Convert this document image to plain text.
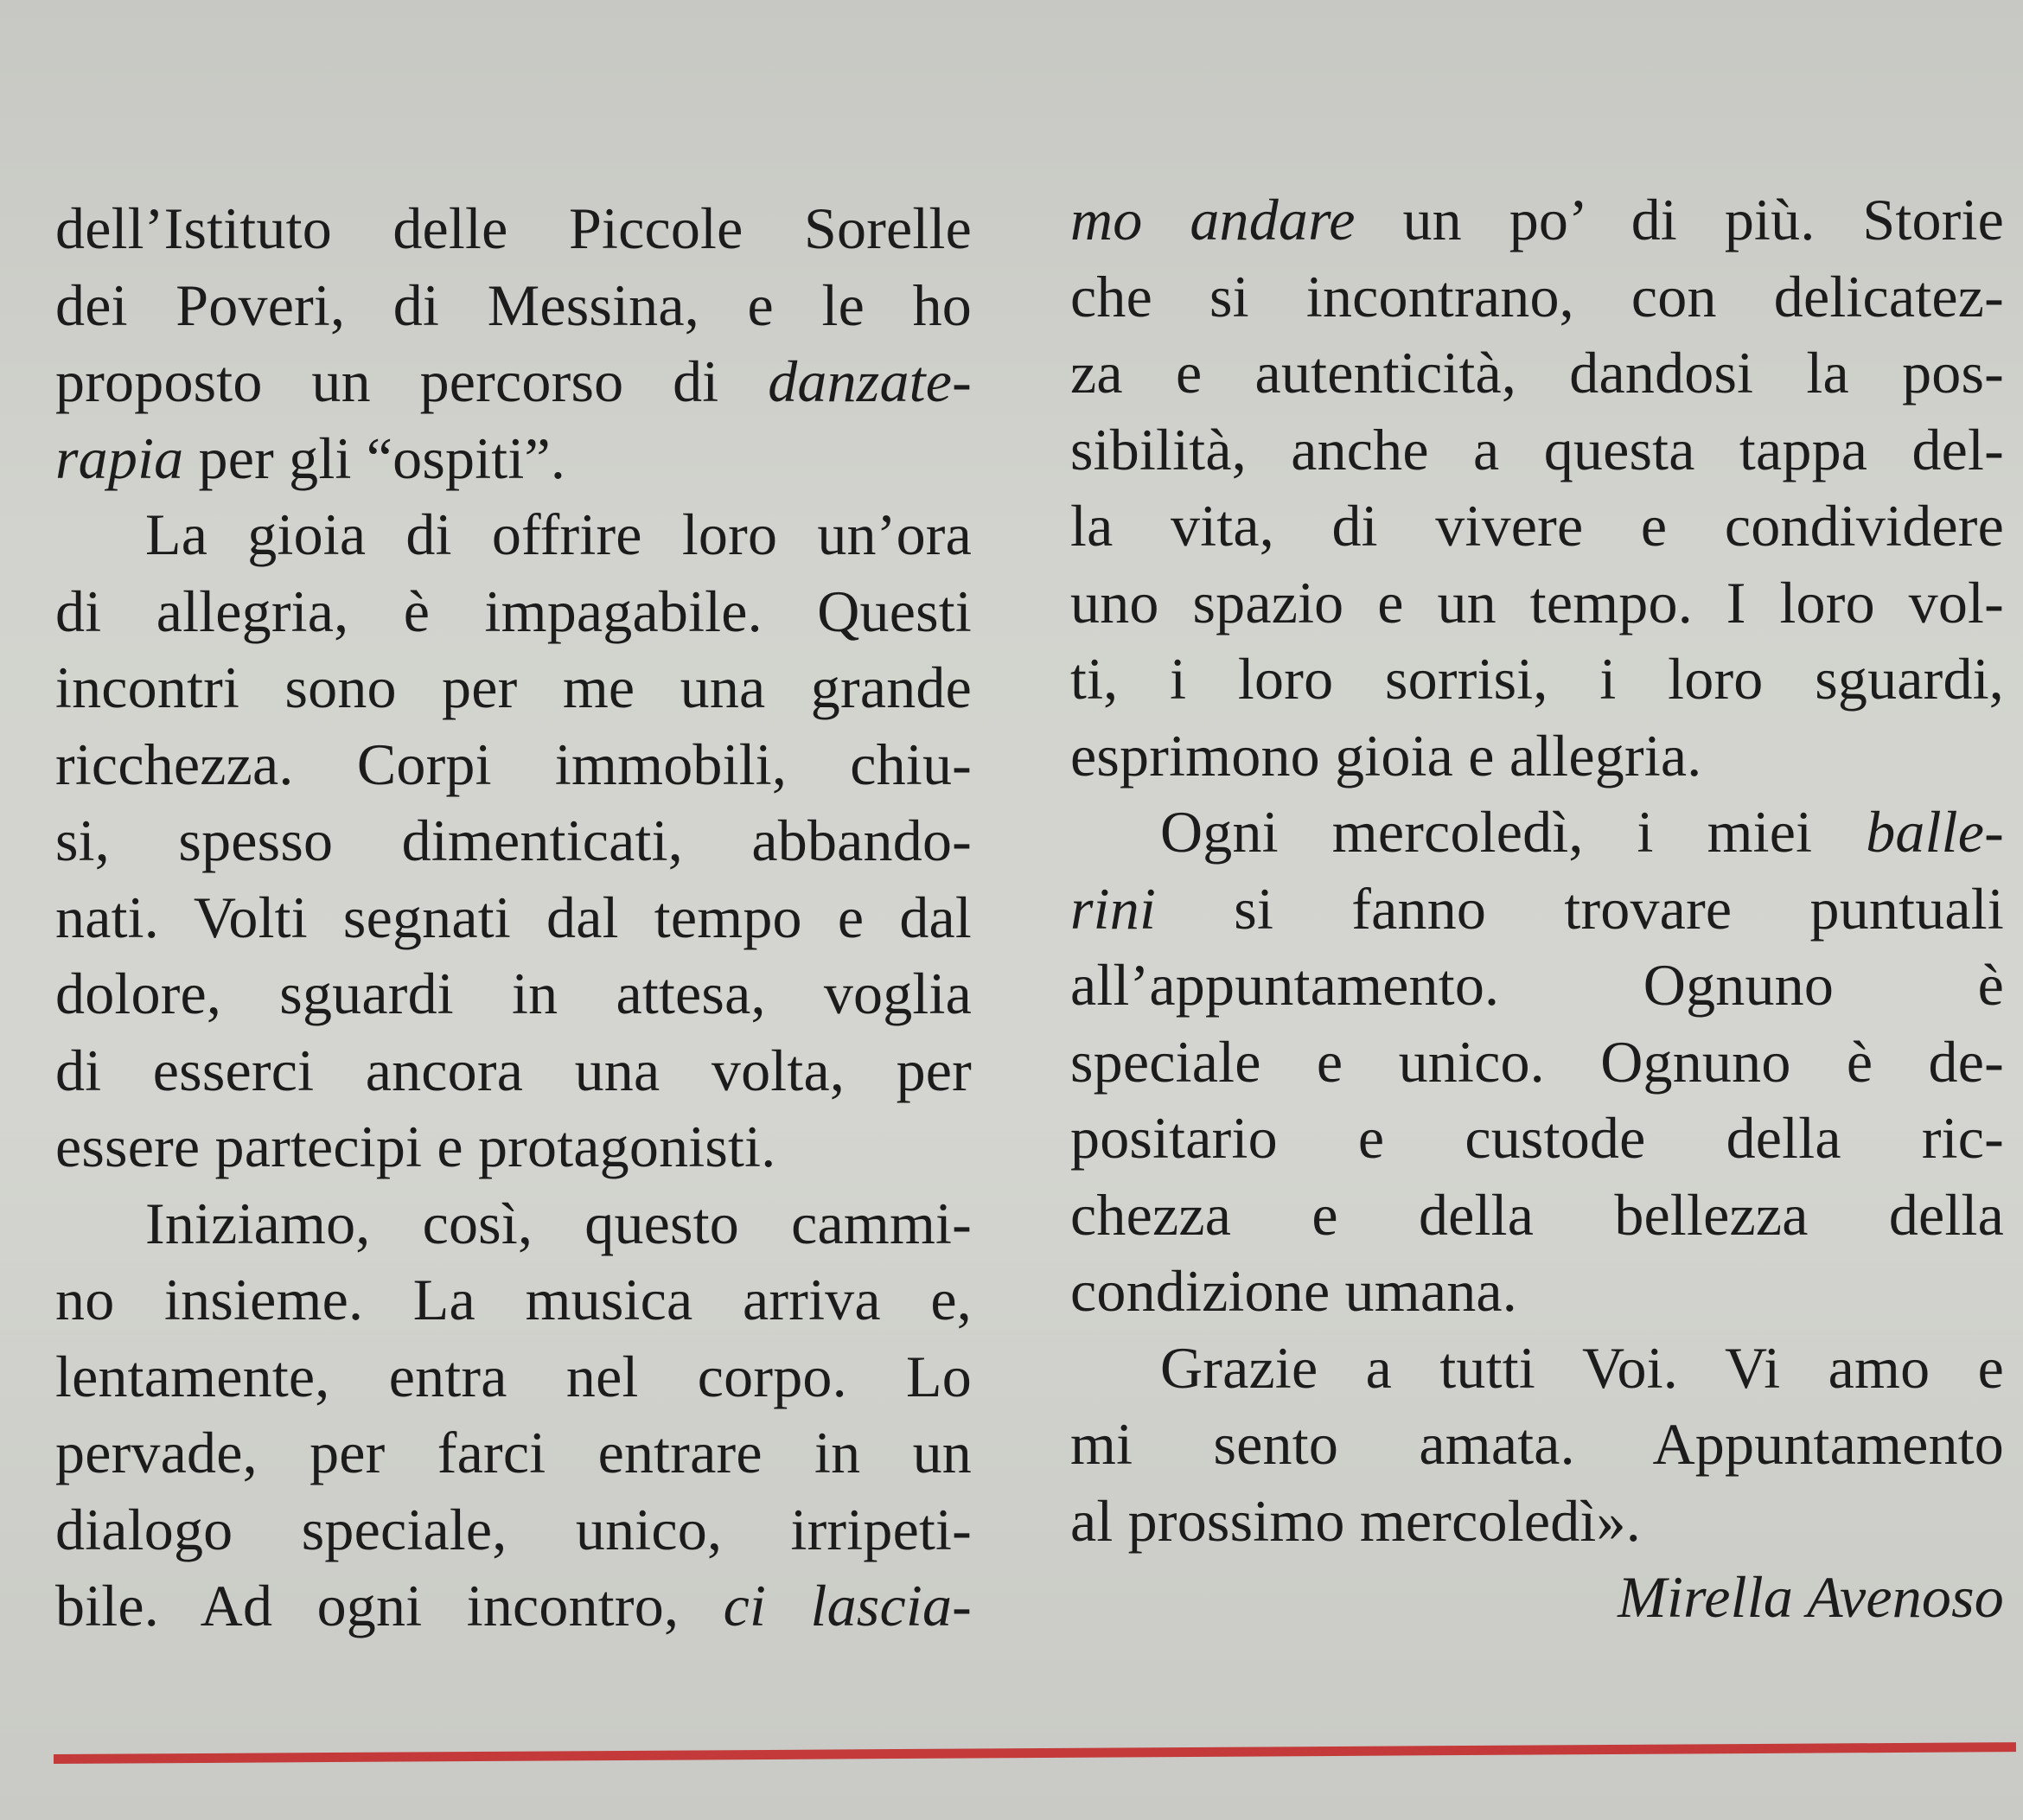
dell’Istituto delle Piccole Sorelle
dei Poveri, di Messina, e le ho
proposto un percorso di danzate-
rapia per gli “ospiti”.
La gioia di offrire loro un’ora
di allegria, è impagabile. Questi
incontri sono per me una grande
ricchezza. Corpi immobili, chiu-
si, spesso dimenticati, abbando-
nati. Volti segnati dal tempo e dal
dolore, sguardi in attesa, voglia
di esserci ancora una volta, per
essere partecipi e protagonisti.
Iniziamo, così, questo cammi-
no insieme. La musica arriva e,
lentamente, entra nel corpo. Lo
pervade, per farci entrare in un
dialogo speciale, unico, irripeti-
bile. Ad ogni incontro, ci lascia-
mo andare un po’ di più. Storie
che si incontrano, con delicatez-
za e autenticità, dandosi la pos-
sibilità, anche a questa tappa del-
la vita, di vivere e condividere
uno spazio e un tempo. I loro vol-
ti, i loro sorrisi, i loro sguardi,
esprimono gioia e allegria.
Ogni mercoledì, i miei balle-
rini si fanno trovare puntuali
all’appuntamento. Ognuno è
speciale e unico. Ognuno è de-
positario e custode della ric-
chezza e della bellezza della
condizione umana.
Grazie a tutti Voi. Vi amo e
mi sento amata. Appuntamento
al prossimo mercoledì».
Mirella Avenoso
